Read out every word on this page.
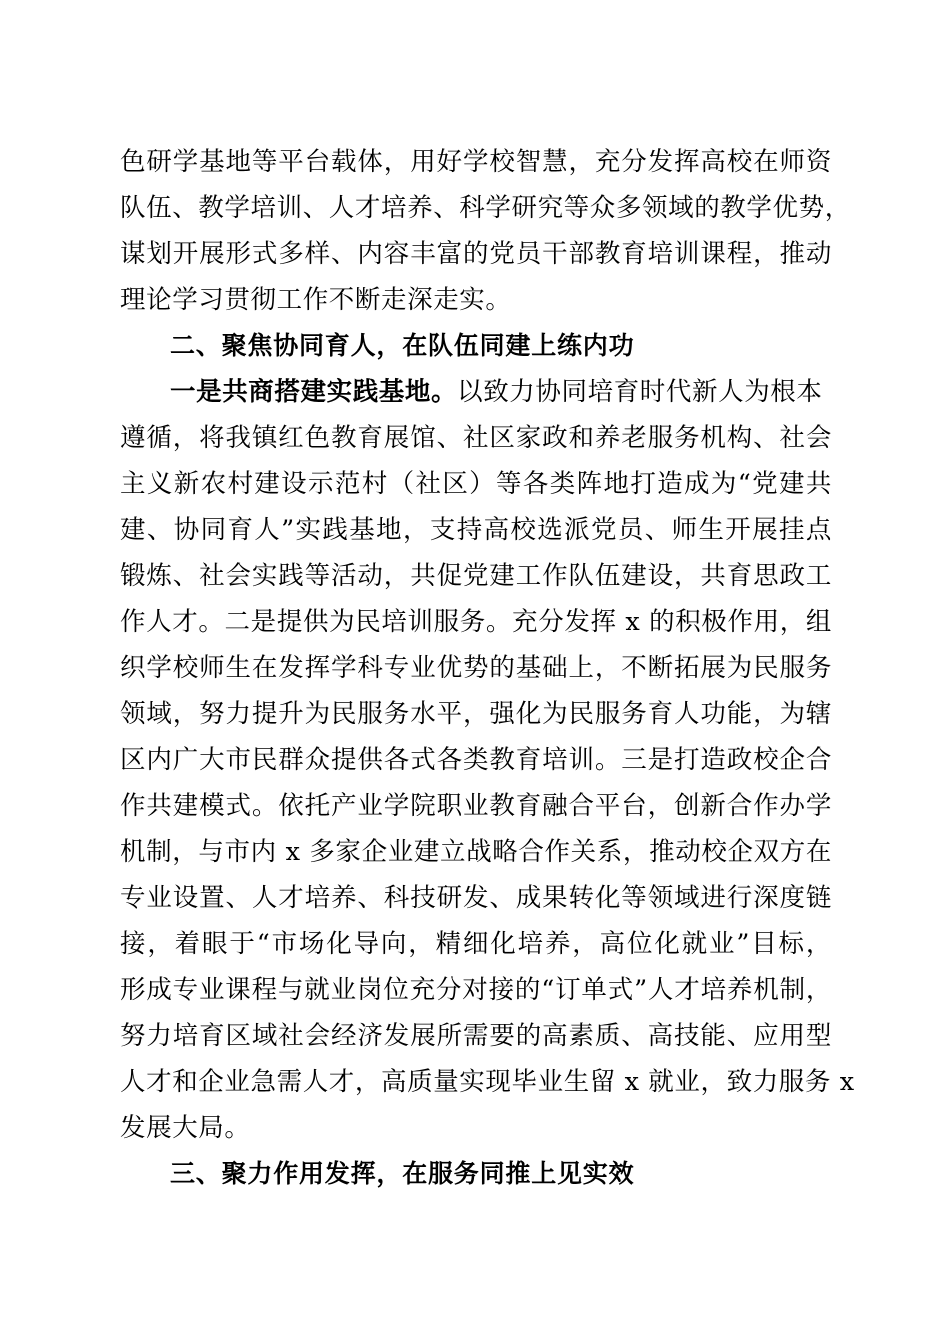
色研学基地等平台载体，用好学校智慧，充分发挥高校在师资
队伍、教学培训、人才培养、科学研究等众多领域的教学优势，
谋划开展形式多样、内容丰富的党员干部教育培训课程，推动
理论学习贯彻工作不断走深走实。
二、聚焦协同育人，在队伍同建上练内功
一是共商搭建实践基地。以致力协同培育时代新人为根本
遵循，将我镇红色教育展馆、社区家政和养老服务机构、社会
主义新农村建设示范村（社区）等各类阵地打造成为“党建共
建、协同育人”实践基地，支持高校选派党员、师生开展挂点
锻炼、社会实践等活动，共促党建工作队伍建设，共育思政工
作人才。二是提供为民培训服务。充分发挥 x 的积极作用，组
织学校师生在发挥学科专业优势的基础上，不断拓展为民服务
领域，努力提升为民服务水平，强化为民服务育人功能，为辖
区内广大市民群众提供各式各类教育培训。三是打造政校企合
作共建模式。依托产业学院职业教育融合平台，创新合作办学
机制，与市内 x 多家企业建立战略合作关系，推动校企双方在
专业设置、人才培养、科技研发、成果转化等领域进行深度链
接，着眼于“市场化导向，精细化培养，高位化就业”目标，
形成专业课程与就业岗位充分对接的“订单式”人才培养机制，
努力培育区域社会经济发展所需要的高素质、高技能、应用型
人才和企业急需人才，高质量实现毕业生留 x 就业，致力服务 x
发展大局。
三、聚力作用发挥，在服务同推上见实效
